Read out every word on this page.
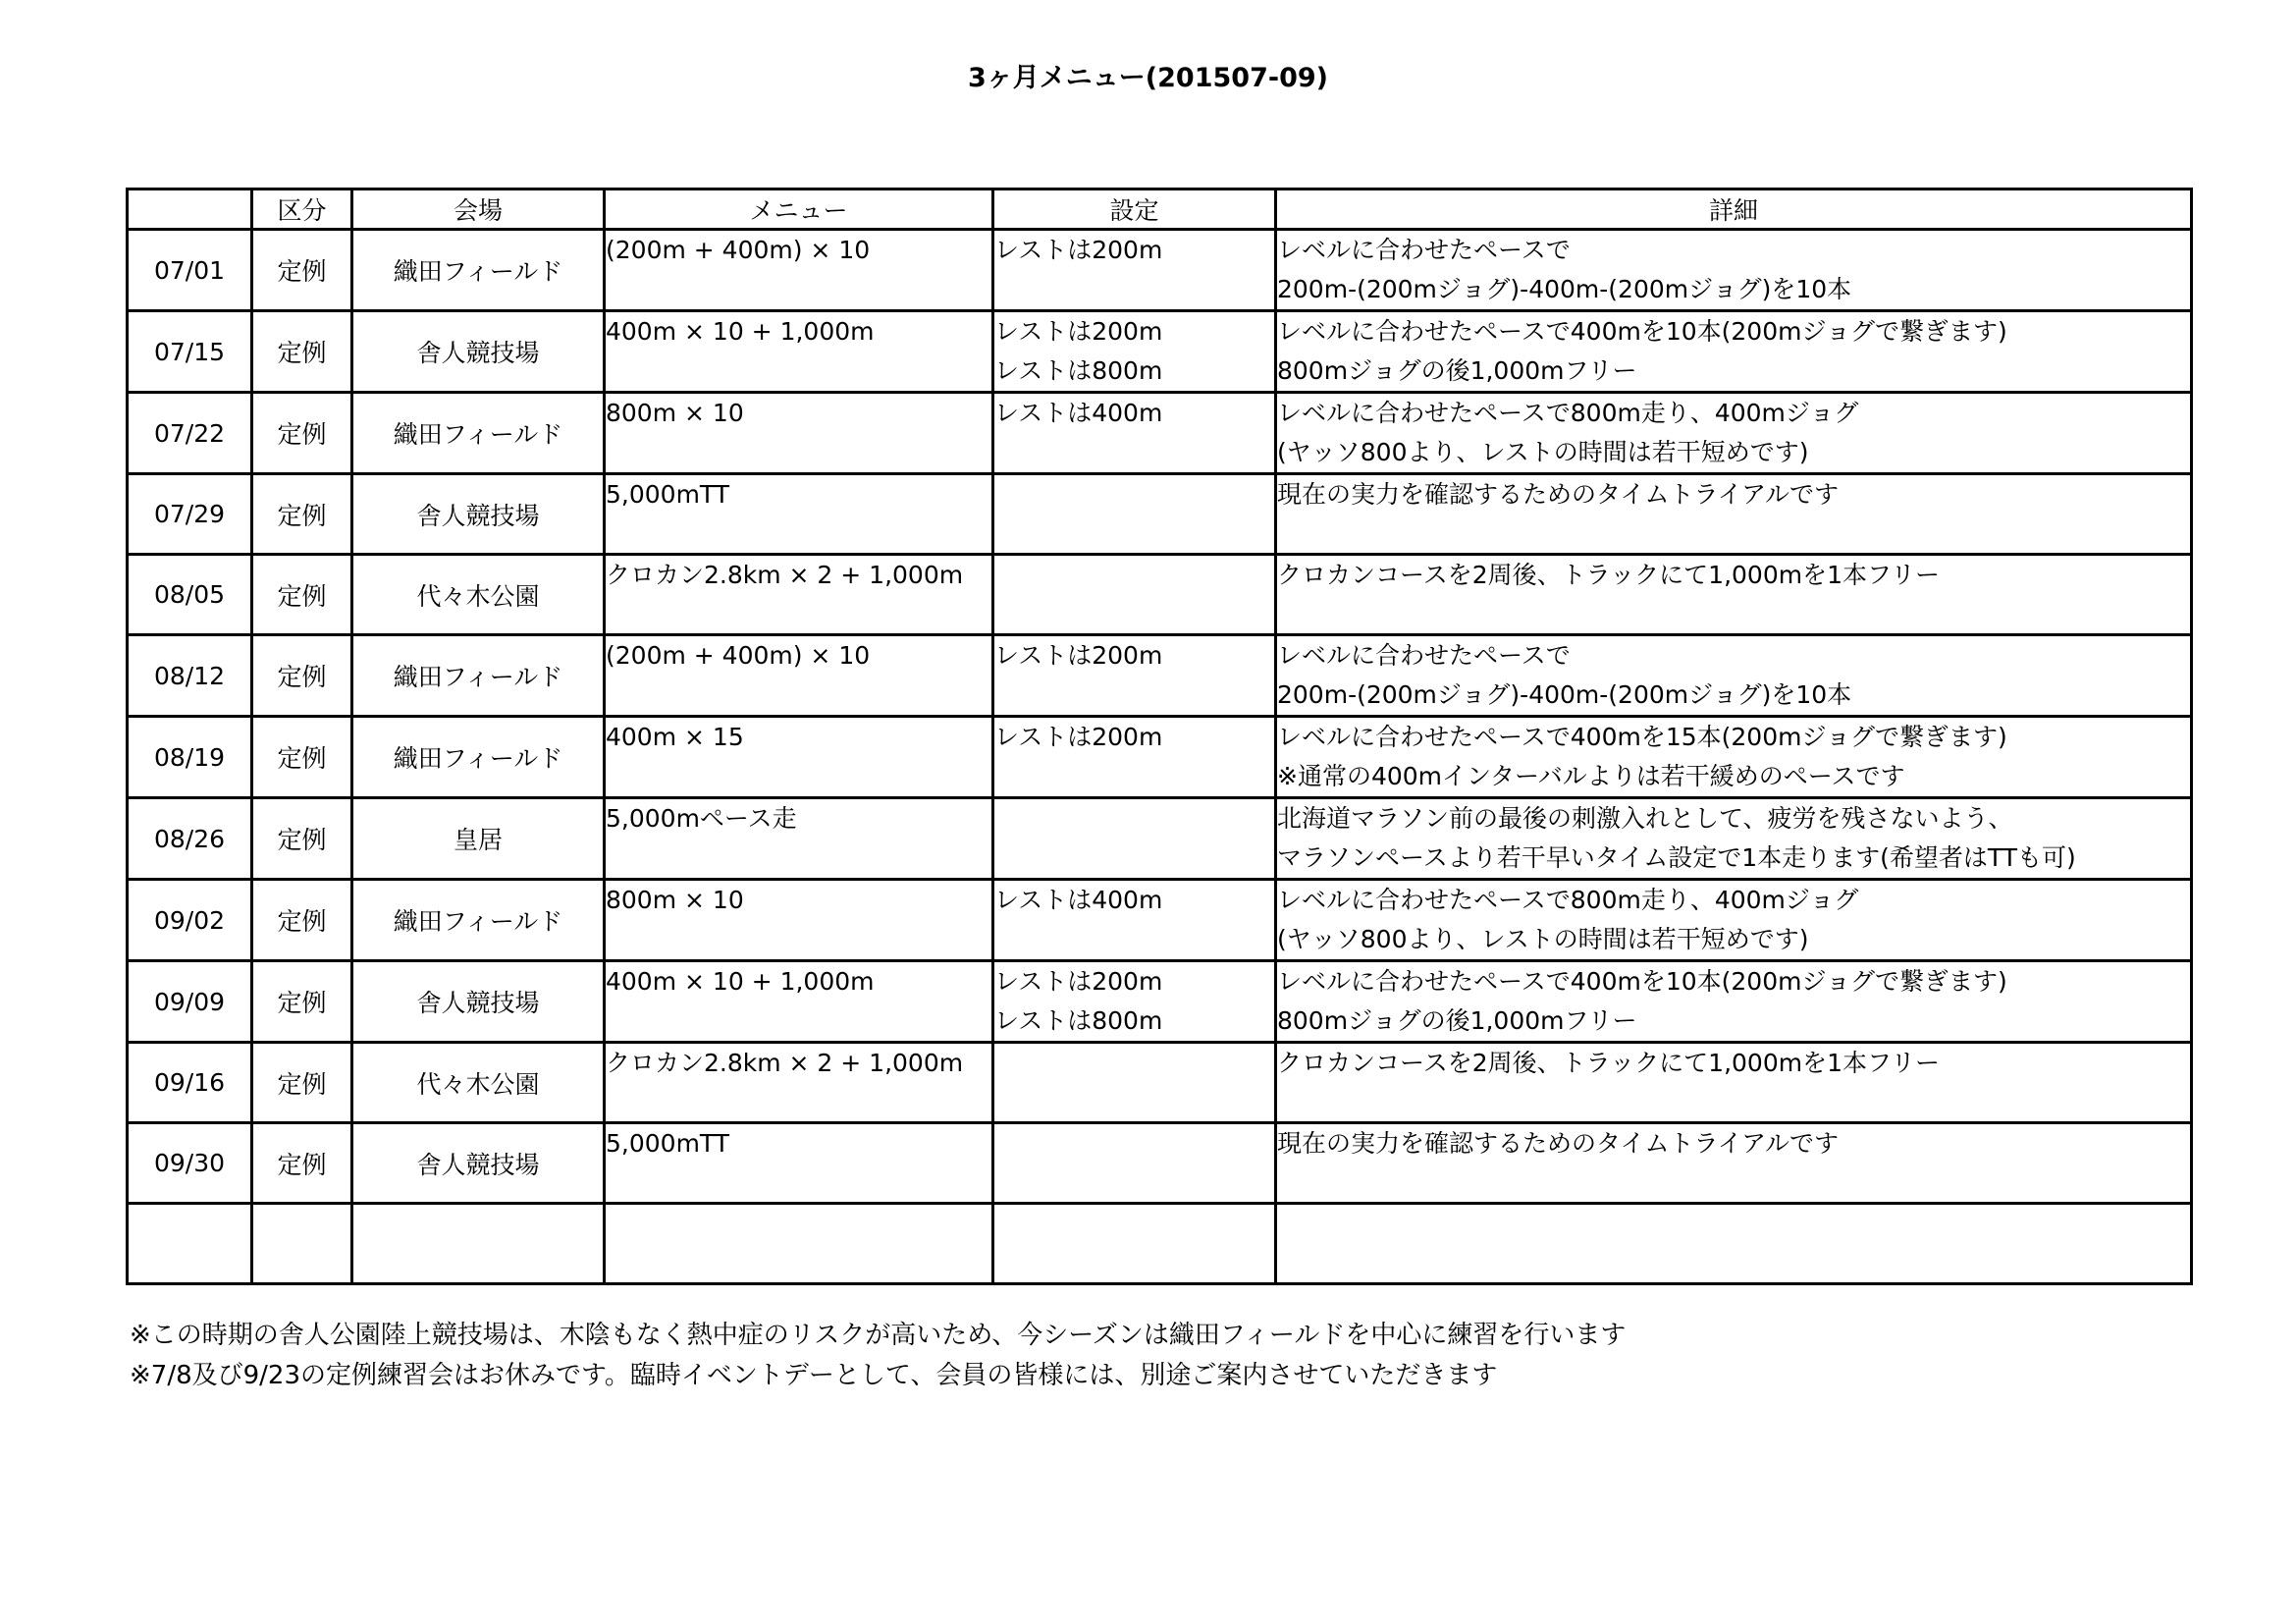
3ヶ月メニュー(201507-09)
	区分	会場	メニュー	設定	詳細
07/01	定例	織田フィールド	(200m + 400m) × 10	レストは200m	レベルに合わせたペースで
200m-(200mジョグ)-400m-(200mジョグ)を10本

07/15	定例	舎人競技場	400m × 10 + 1,000m	レストは200m
レストは800m	レベルに合わせたペースで400mを10本(200mジョグで繋ぎます)
800mジョグの後1,000mフリー

07/22	定例	織田フィールド	800m × 10	レストは400m	レベルに合わせたペースで800m走り、400mジョグ
(ヤッソ800より、レストの時間は若干短めです)

07/29	定例	舎人競技場	5,000mTT		現在の実力を確認するためのタイムトライアルです

08/05	定例	代々木公園	クロカン2.8km × 2 + 1,000m		クロカンコースを2周後、トラックにて1,000mを1本フリー

08/12	定例	織田フィールド	(200m + 400m) × 10	レストは200m	レベルに合わせたペースで
200m-(200mジョグ)-400m-(200mジョグ)を10本

08/19	定例	織田フィールド	400m × 15	レストは200m	レベルに合わせたペースで400mを15本(200mジョグで繋ぎます)
※通常の400mインターバルよりは若干緩めのペースです

08/26	定例	皇居	5,000mペース走		北海道マラソン前の最後の刺激入れとして、疲労を残さないよう、
マラソンペースより若干早いタイム設定で1本走ります(希望者はTTも可)

09/02	定例	織田フィールド	800m × 10	レストは400m	レベルに合わせたペースで800m走り、400mジョグ
(ヤッソ800より、レストの時間は若干短めです)

09/09	定例	舎人競技場	400m × 10 + 1,000m	レストは200m
レストは800m	レベルに合わせたペースで400mを10本(200mジョグで繋ぎます)
800mジョグの後1,000mフリー

09/16	定例	代々木公園	クロカン2.8km × 2 + 1,000m		クロカンコースを2周後、トラックにて1,000mを1本フリー

09/30	定例	舎人競技場	5,000mTT		現在の実力を確認するためのタイムトライアルです

※この時期の舎人公園陸上競技場は、木陰もなく熱中症のリスクが高いため、今シーズンは織田フィールドを中心に練習を行います

※7/8及び9/23の定例練習会はお休みです。臨時イベントデーとして、会員の皆様には、別途ご案内させていただきます
